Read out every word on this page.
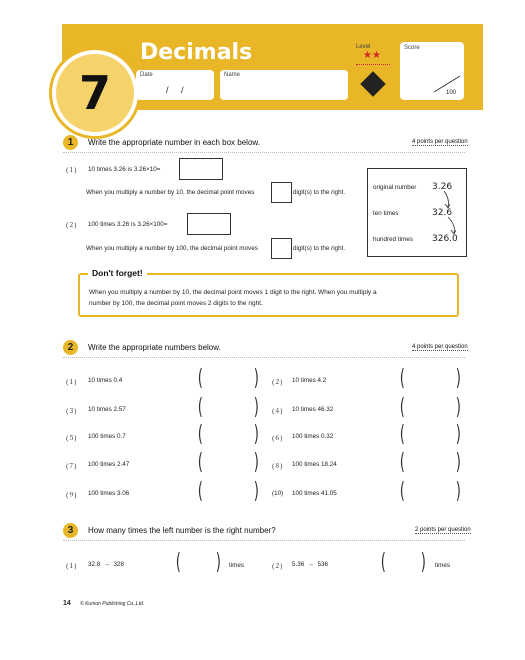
7
Decimals
Date
/     /
Name
Level
★★
Score
100
1	Write the appropriate number in each box below.	4 points per question
(１) 10 times 3.26 is 3.26×10=
When you multiply a number by 10, the decimal point moves	digit(s) to the right.
(２) 100 times 3.26 is 3.26×100=
When you multiply a number by 100, the decimal point moves	digit(s) to the right.
original number 3.26
ten times	32.6
hundred times 326.0
When you multiply a number by 10, the decimal point moves 1 digit to the right. When you multiply a
number by 100, the decimal point moves 2 digits to the right.
Don't forget!
2	Write the appropriate numbers below.	4 points per question
(１) 10 times 0.4	( ) (２) 10 times 4.2	( )
(３) 10 times 2.57	( ) (４) 10 times 46.32	( )
(５) 100 times 0.7	( ) (６) 100 times 0.32	( )
(７) 100 times 2.47	( ) (８) 100 times 18.24	( )
(９) 100 times 3.06	( ) (10) 100 times 41.05	( )
3	How many times the left number is the right number?	2 points per question
(１) 32.8  →  328 ( ) times	(２) 5.36  →  536 ( ) times
14 © Kumon Publishing Co.,Ltd.
